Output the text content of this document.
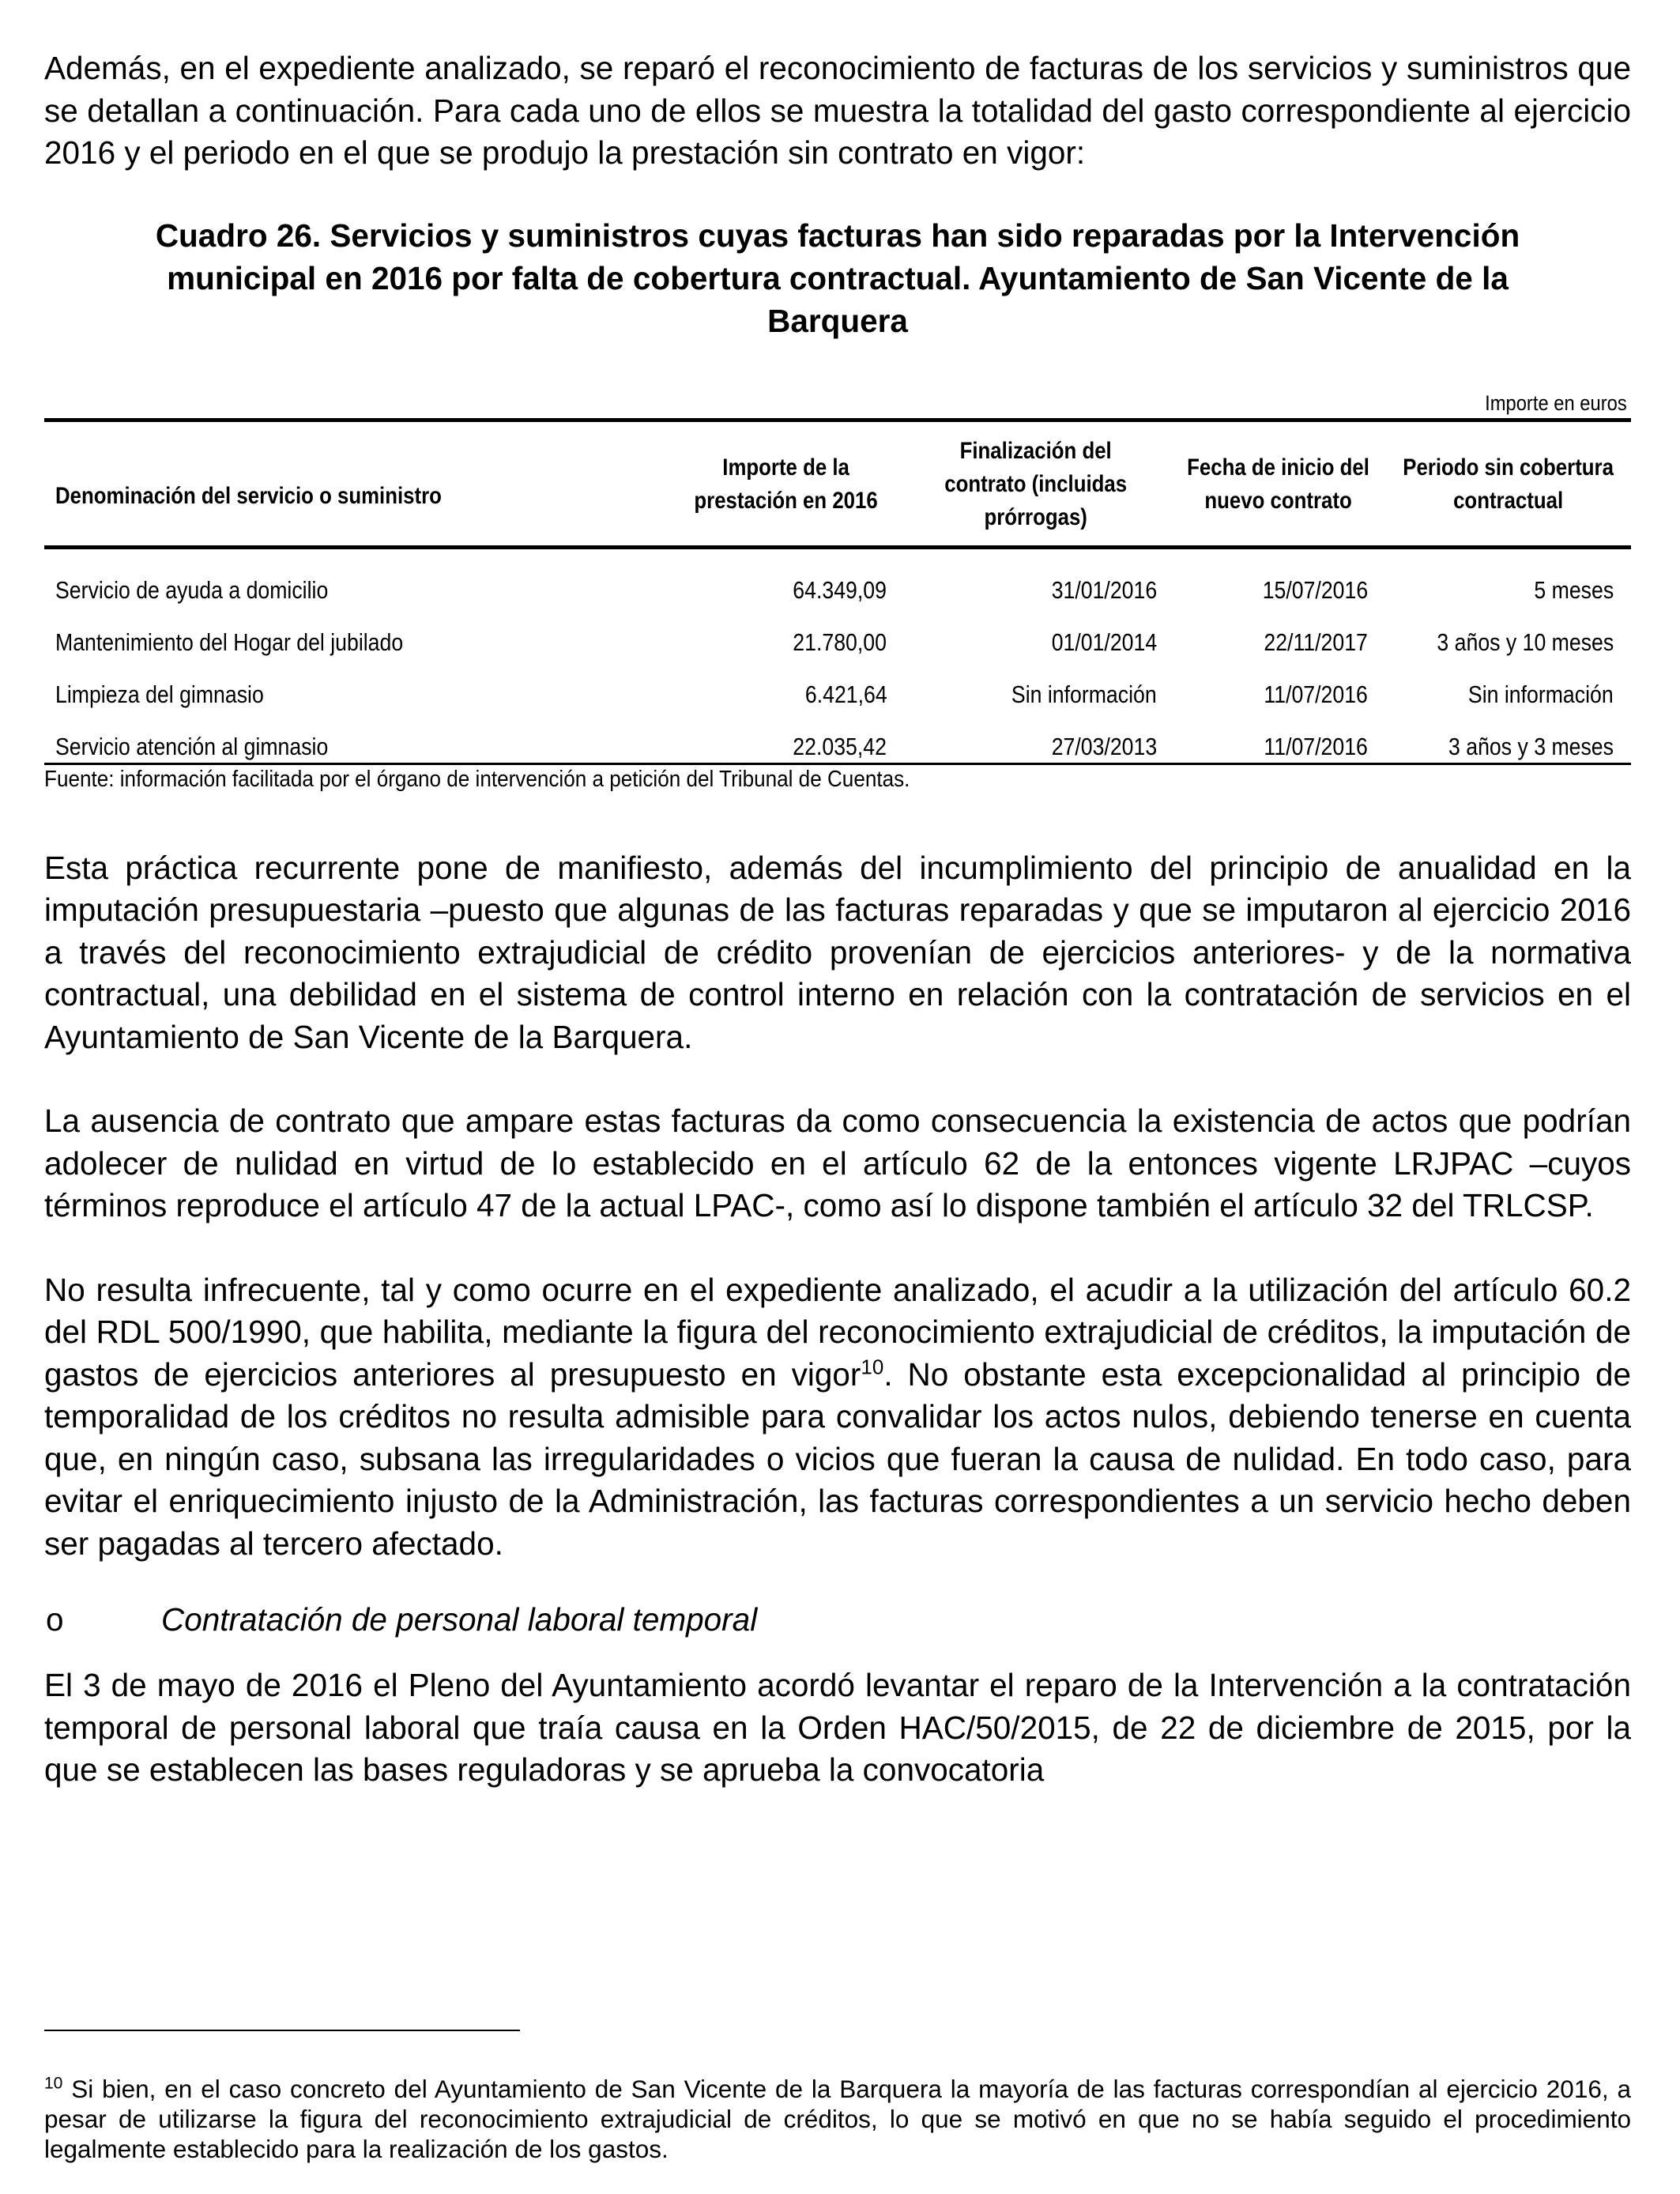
Además, en el expediente analizado, se reparó el reconocimiento de facturas de los servicios y suministros que se detallan a continuación. Para cada uno de ellos se muestra la totalidad del gasto correspondiente al ejercicio 2016 y el periodo en el que se produjo la prestación sin contrato en vigor:

Cuadro 26. Servicios y suministros cuyas facturas han sido reparadas por la Intervención

municipal en 2016 por falta de cobertura contractual. Ayuntamiento de San Vicente de la

Barquera

Importe en euros
Denominación del servicio o suministro	Importe de la prestación en 2016	Finalización del contrato (incluidas prórrogas)	Fecha de inicio del nuevo contrato	Periodo sin cobertura contractual
Servicio de ayuda a domicilio	64.349,09	31/01/2016	15/07/2016	5 meses
Mantenimiento del Hogar del jubilado	21.780,00	01/01/2014	22/11/2017	3 años y 10 meses
Limpieza del gimnasio	6.421,64	Sin información	11/07/2016	Sin información
Servicio atención al gimnasio	22.035,42	27/03/2013	11/07/2016	3 años y 3 meses
Fuente: información facilitada por el órgano de intervención a petición del Tribunal de Cuentas.

Esta práctica recurrente pone de manifiesto, además del incumplimiento del principio de anualidad en la imputación presupuestaria –puesto que algunas de las facturas reparadas y que se imputaron al ejercicio 2016 a través del reconocimiento extrajudicial de crédito provenían de ejercicios anteriores- y de la normativa contractual, una debilidad en el sistema de control interno en relación con la contratación de servicios en el Ayuntamiento de San Vicente de la Barquera.

La ausencia de contrato que ampare estas facturas da como consecuencia la existencia de actos que podrían adolecer de nulidad en virtud de lo establecido en el artículo 62 de la entonces vigente LRJPAC –cuyos términos reproduce el artículo 47 de la actual LPAC-, como así lo dispone también el artículo 32 del TRLCSP.

No resulta infrecuente, tal y como ocurre en el expediente analizado, el acudir a la utilización del artículo 60.2 del RDL 500/1990, que habilita, mediante la figura del reconocimiento extrajudicial de créditos, la imputación de gastos de ejercicios anteriores al presupuesto en vigor$^{10}$. No obstante esta excepcionalidad al principio de temporalidad de los créditos no resulta admisible para convalidar los actos nulos, debiendo tenerse en cuenta que, en ningún caso, subsana las irregularidades o vicios que fueran la causa de nulidad. En todo caso, para evitar el enriquecimiento injusto de la Administración, las facturas correspondientes a un servicio hecho deben ser pagadas al tercero afectado.

o	Contratación de personal laboral temporal

El 3 de mayo de 2016 el Pleno del Ayuntamiento acordó levantar el reparo de la Intervención a la contratación temporal de personal laboral que traía causa en la Orden HAC/50/2015, de 22 de diciembre de 2015, por la que se establecen las bases reguladoras y se aprueba la convocatoria

$^{10}$ Si bien, en el caso concreto del Ayuntamiento de San Vicente de la Barquera la mayoría de las facturas correspondían al ejercicio 2016, a pesar de utilizarse la figura del reconocimiento extrajudicial de créditos, lo que se motivó en que no se había seguido el procedimiento legalmente establecido para la realización de los gastos.
